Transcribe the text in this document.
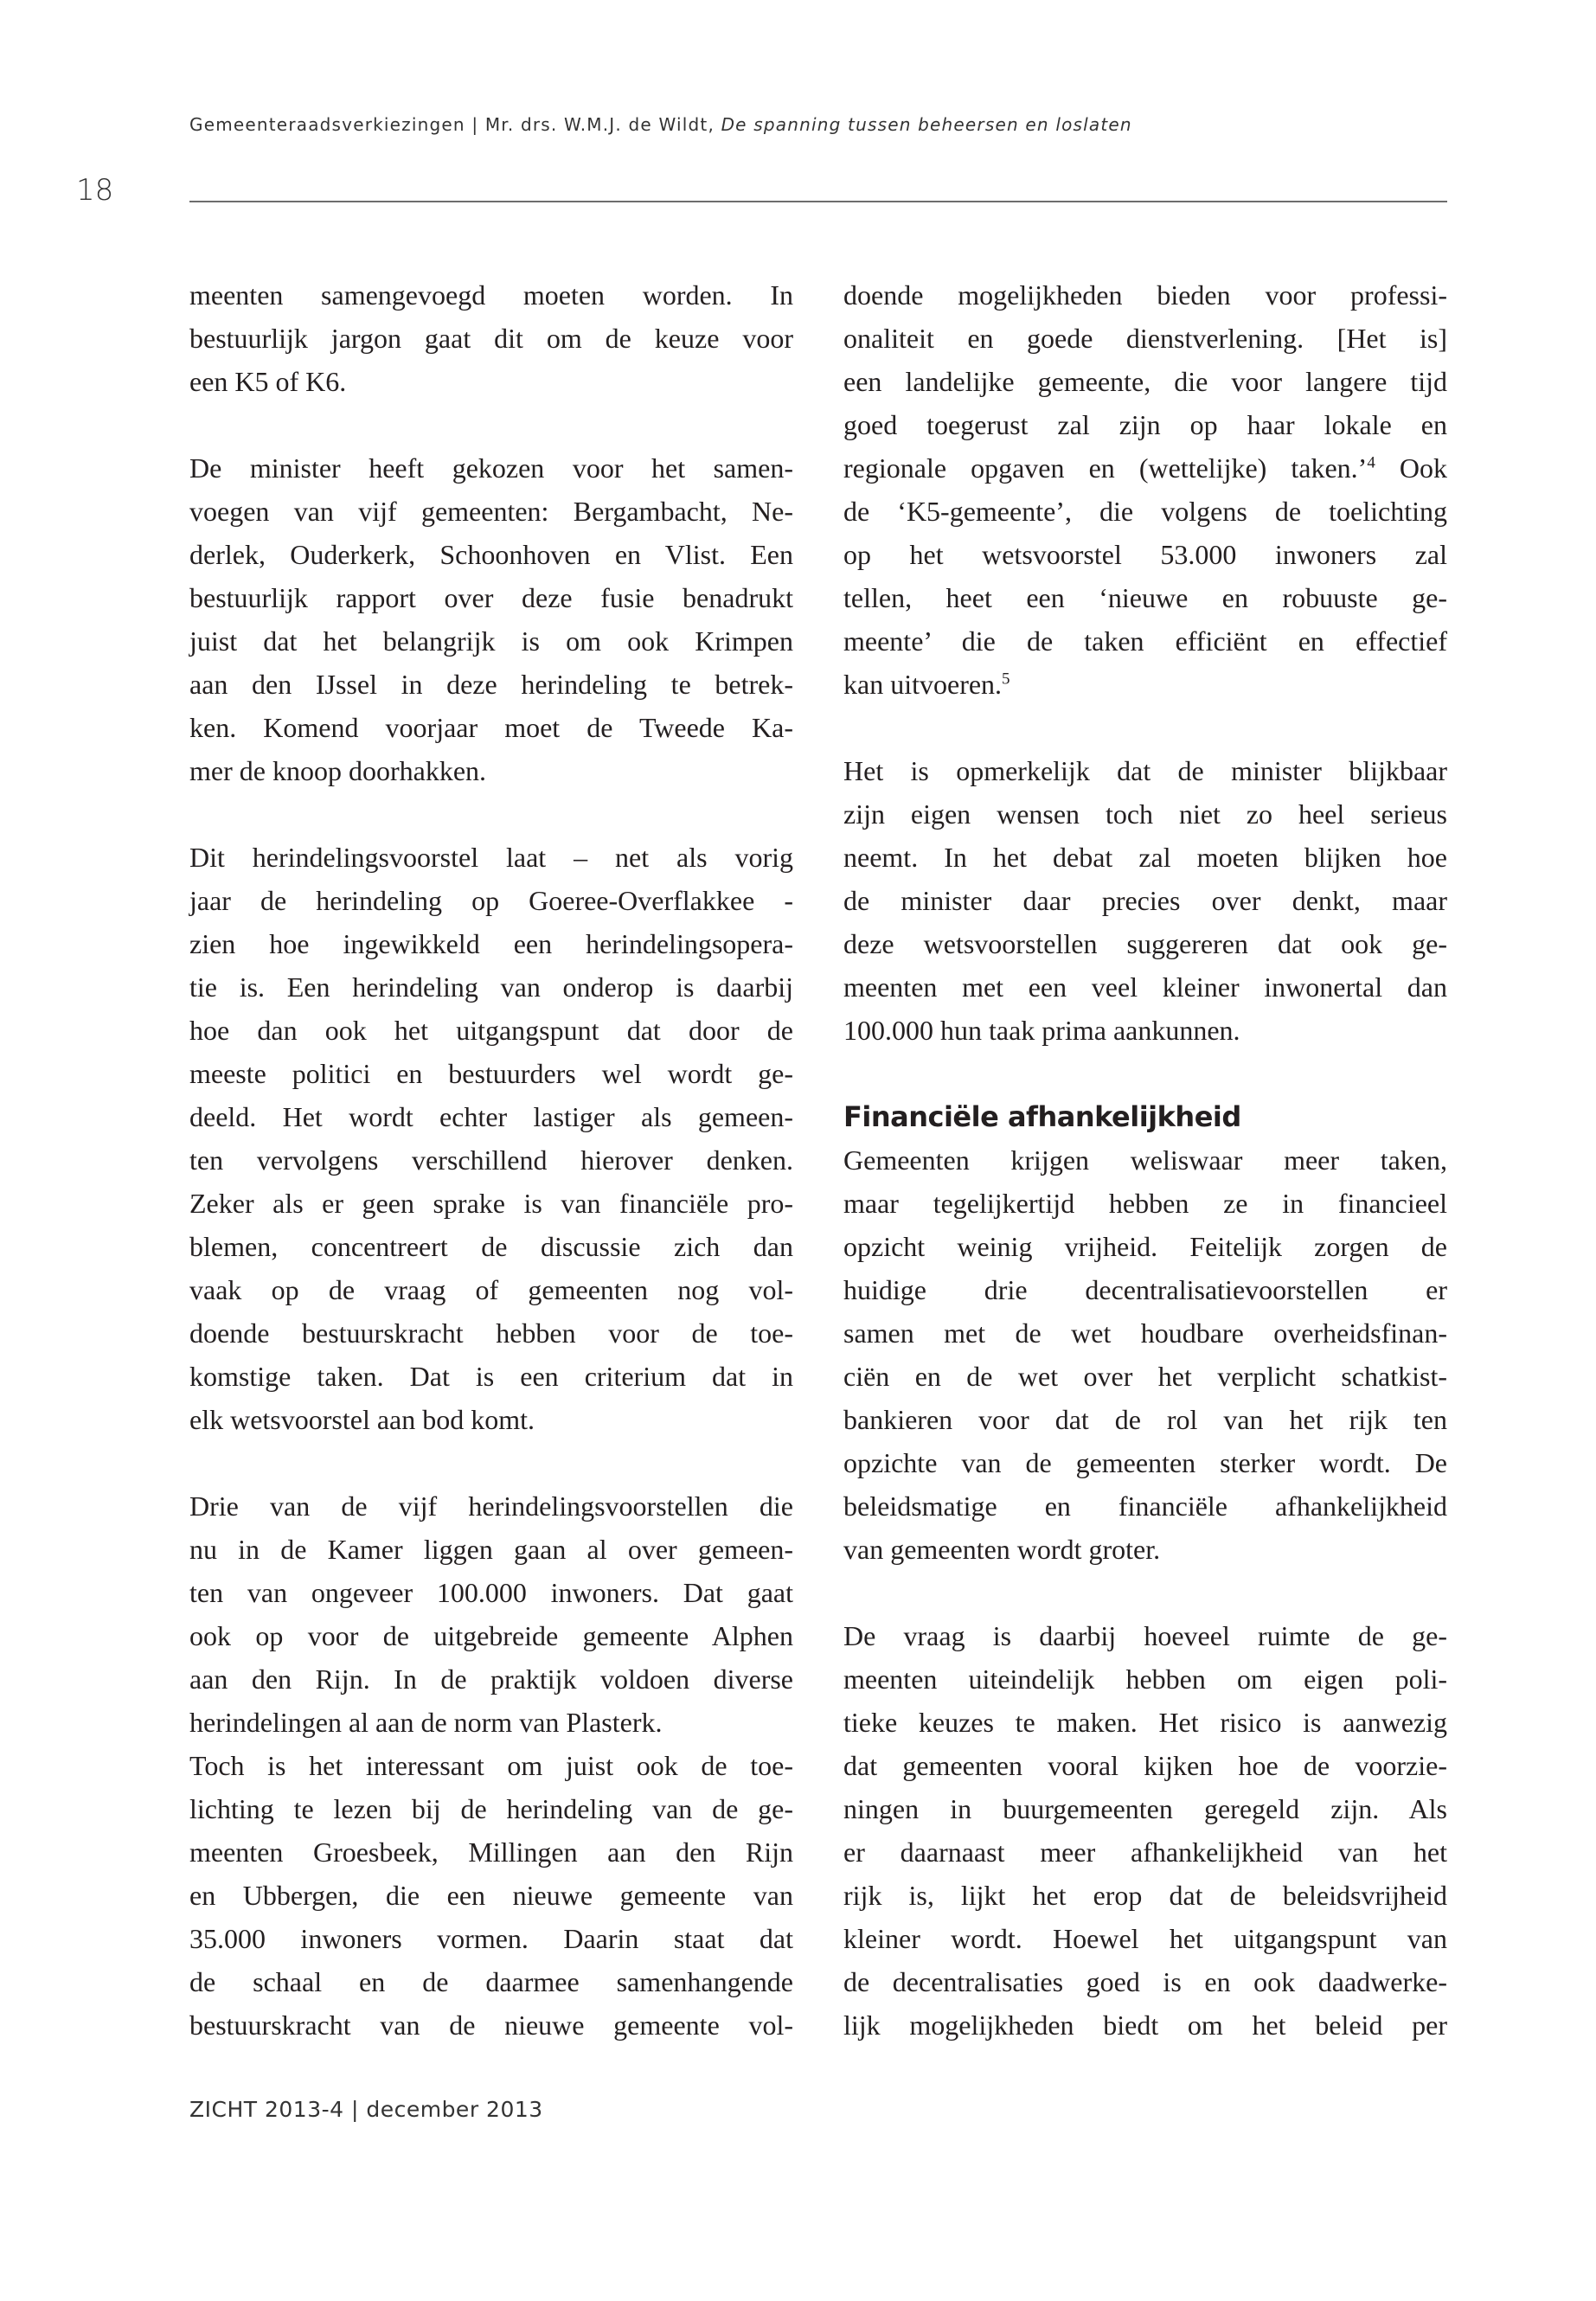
Gemeenteraadsverkiezingen | Mr. drs. W.M.J. de Wildt, De spanning tussen beheersen en loslaten
18
meenten samengevoegd moeten worden. In
bestuurlijk jargon gaat dit om de keuze voor
een K5 of K6.
De minister heeft gekozen voor het samen-
voegen van vijf gemeenten: Bergambacht, Ne-
derlek, Ouderkerk, Schoonhoven en Vlist. Een
bestuurlijk rapport over deze fusie benadrukt
juist dat het belangrijk is om ook Krimpen
aan den IJssel in deze herindeling te betrek-
ken. Komend voorjaar moet de Tweede Ka-
mer de knoop doorhakken.
Dit herindelingsvoorstel laat – net als vorig
jaar de herindeling op Goeree-Overflakkee -
zien hoe ingewikkeld een herindelingsopera-
tie is. Een herindeling van onderop is daarbij
hoe dan ook het uitgangspunt dat door de
meeste politici en bestuurders wel wordt ge-
deeld. Het wordt echter lastiger als gemeen-
ten vervolgens verschillend hierover denken.
Zeker als er geen sprake is van financiële pro-
blemen, concentreert de discussie zich dan
vaak op de vraag of gemeenten nog vol-
doende bestuurskracht hebben voor de toe-
komstige taken. Dat is een criterium dat in
elk wetsvoorstel aan bod komt.
Drie van de vijf herindelingsvoorstellen die
nu in de Kamer liggen gaan al over gemeen-
ten van ongeveer 100.000 inwoners. Dat gaat
ook op voor de uitgebreide gemeente Alphen
aan den Rijn. In de praktijk voldoen diverse
herindelingen al aan de norm van Plasterk.
Toch is het interessant om juist ook de toe-
lichting te lezen bij de herindeling van de ge-
meenten Groesbeek, Millingen aan den Rijn
en Ubbergen, die een nieuwe gemeente van
35.000 inwoners vormen. Daarin staat dat
de schaal en de daarmee samenhangende
bestuurskracht van de nieuwe gemeente vol-
doende mogelijkheden bieden voor professi-
onaliteit en goede dienstverlening. [Het is]
een landelijke gemeente, die voor langere tijd
goed toegerust zal zijn op haar lokale en
regionale opgaven en (wettelijke) taken.’$^4$ Ook
de ‘K5-gemeente’, die volgens de toelichting
op het wetsvoorstel 53.000 inwoners zal
tellen, heet een ‘nieuwe en robuuste ge-
meente’ die de taken efficiënt en effectief
kan uitvoeren.$^5$
Het is opmerkelijk dat de minister blijkbaar
zijn eigen wensen toch niet zo heel serieus
neemt. In het debat zal moeten blijken hoe
de minister daar precies over denkt, maar
deze wetsvoorstellen suggereren dat ook ge-
meenten met een veel kleiner inwonertal dan
100.000 hun taak prima aankunnen.
Financiële afhankelijkheid
Gemeenten krijgen weliswaar meer taken,
maar tegelijkertijd hebben ze in financieel
opzicht weinig vrijheid. Feitelijk zorgen de
huidige drie decentralisatievoorstellen er
samen met de wet houdbare overheidsfinan-
ciën en de wet over het verplicht schatkist-
bankieren voor dat de rol van het rijk ten
opzichte van de gemeenten sterker wordt. De
beleidsmatige en financiële afhankelijkheid
van gemeenten wordt groter.
De vraag is daarbij hoeveel ruimte de ge-
meenten uiteindelijk hebben om eigen poli-
tieke keuzes te maken. Het risico is aanwezig
dat gemeenten vooral kijken hoe de voorzie-
ningen in buurgemeenten geregeld zijn. Als
er daarnaast meer afhankelijkheid van het
rijk is, lijkt het erop dat de beleidsvrijheid
kleiner wordt. Hoewel het uitgangspunt van
de decentralisaties goed is en ook daadwerke-
lijk mogelijkheden biedt om het beleid per
ZICHT 2013-4 | december 2013
